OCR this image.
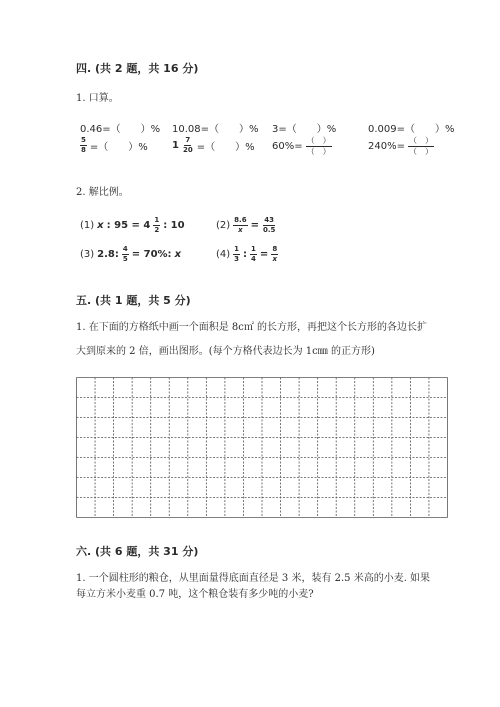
四. (共 2 题，共 16 分)
1. 口算。
0.46=（　　）% 10.08=（　　）% 3=（　　）%	0.009=（　　）%
$\frac{5}{8}$ =（　　）% $1 \frac{7}{20}$ =（　　）% $60\%= \frac{( )}{( )}$	$240\%= \frac{( )}{( )}$
2. 解比例。
(1) x : $95 = 4 \frac{1}{2}$ : 10	$(2) \frac{8.6}{x} = \frac{43}{0.5}$
(3) 2.8: $\frac{4}{5} = 70\%$: x	$(4) \frac{1}{3}$ : $\frac{1}{4} = \frac{8}{x}$
五. (共 1 题，共 5 分)
1. 在下面的方格纸中画一个面积是 8c㎡ 的长方形，再把这个长方形的各边长扩
大到原来的 2 倍，画出图形。(每个方格代表边长为 1c㎜ 的正方形)
六. (共 6 题，共 31 分)
1. 一个圆柱形的粮仓，从里面量得底面直径是 3 米，装有 2.5 米高的小麦. 如果
每立方米小麦重 0.7 吨，这个粮仓装有多少吨的小麦?
